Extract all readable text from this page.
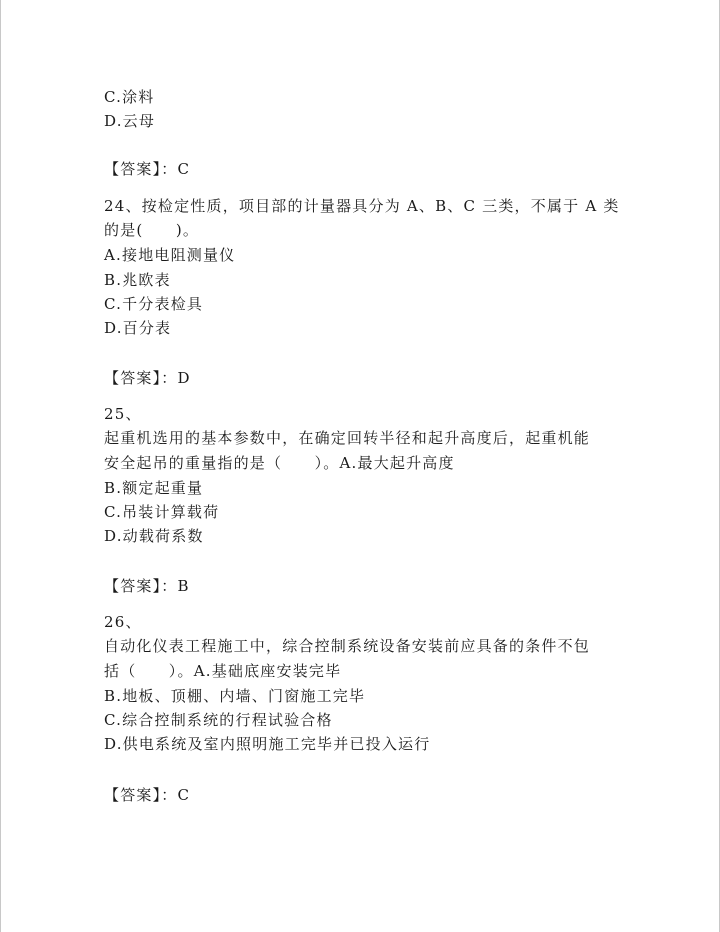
C.涂料
D.云母
【答案】：C
24、按检定性质，项目部的计量器具分为 A、B、C 三类，不属于 A 类
的是(　　)。
A.接地电阻测量仪
B.兆欧表
C.千分表检具
D.百分表
【答案】：D
25、
起重机选用的基本参数中，在确定回转半径和起升高度后，起重机能
安全起吊的重量指的是（　　）。A.最大起升高度
B.额定起重量
C.吊装计算载荷
D.动载荷系数
【答案】：B
26、
自动化仪表工程施工中，综合控制系统设备安装前应具备的条件不包
括（　　）。A.基础底座安装完毕
B.地板、顶棚、内墙、门窗施工完毕
C.综合控制系统的行程试验合格
D.供电系统及室内照明施工完毕并已投入运行
【答案】：C
